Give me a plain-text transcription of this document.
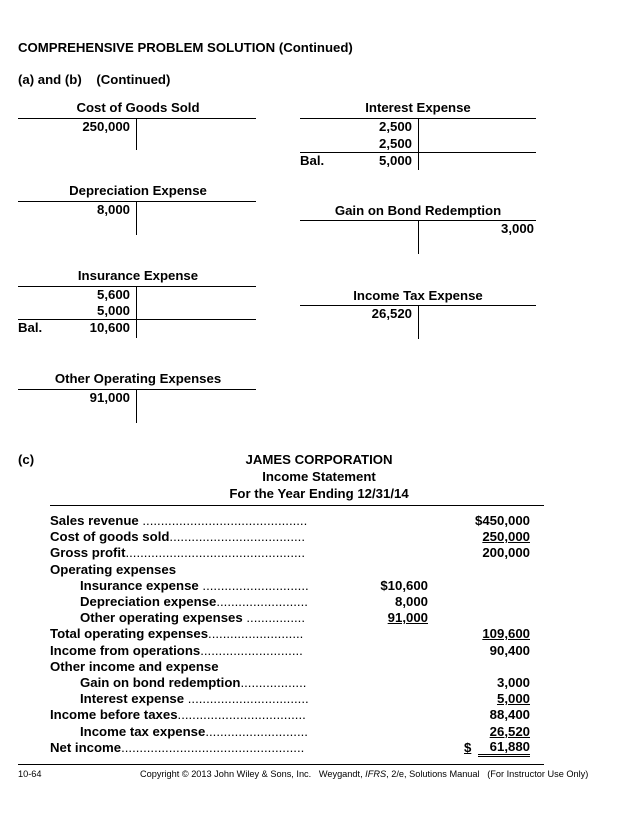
COMPREHENSIVE PROBLEM SOLUTION (Continued)
(a) and (b)    (Continued)
Cost of Goods Sold
250,000
Interest Expense
2,500
2,500
Bal.	5,000
Depreciation Expense
8,000	Gain on Bond Redemption
3,000
Insurance Expense
5,600
5,000
Bal.	10,600
Income Tax Expense
26,520
Other Operating Expenses
91,000
(c)	JAMES CORPORATION
Income Statement
For the Year Ending 12/31/14
Sales revenue .............................................	$450,000
Cost of goods sold.....................................	250,000
Gross profit.................................................	200,000
Operating expenses
Insurance expense .............................	$10,600
Depreciation expense.........................	8,000
Other operating expenses ................	91,000
Total operating expenses..........................	109,600
Income from operations............................	90,400
Other income and expense
Gain on bond redemption..................	3,000
Interest expense .................................	5,000
Income before taxes...................................	88,400
Income tax expense............................	26,520
Net income..................................................	$	61,880
10-64	Copyright © 2013 John Wiley & Sons, Inc.   Weygandt, IFRS, 2/e, Solutions Manual   (For Instructor Use Only)
